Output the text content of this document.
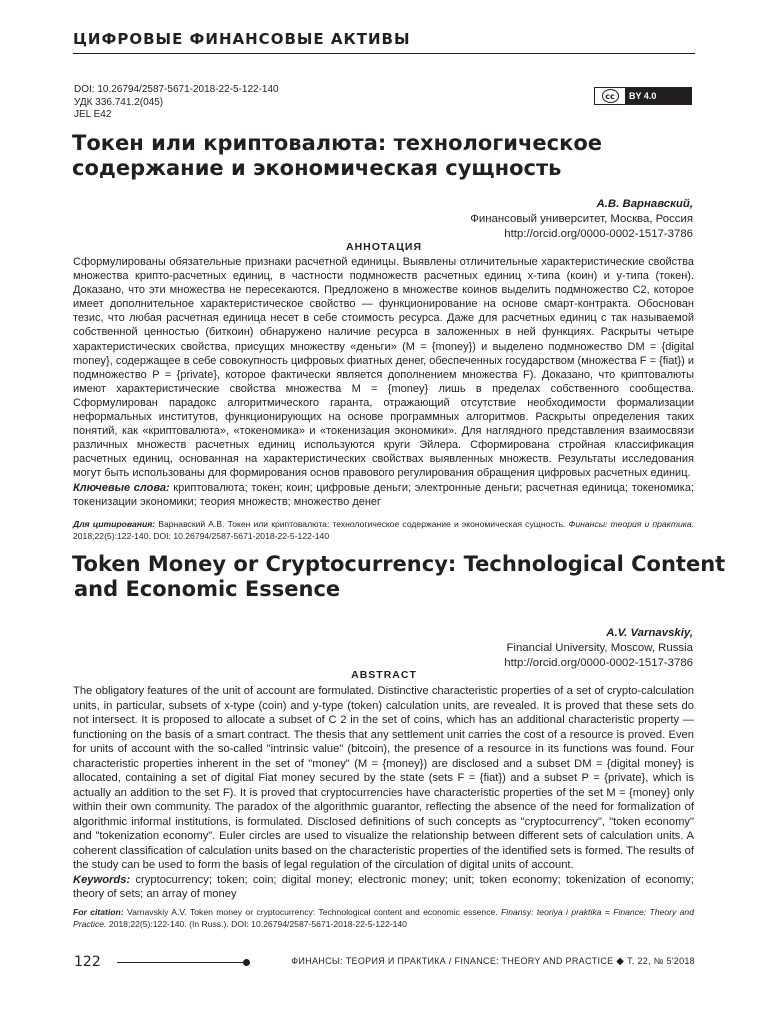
ЦИФРОВЫЕ ФИНАНСОВЫЕ АКТИВЫ
DOI: 10.26794/2587-5671-2018-22-5-122-140
УДК 336.741.2(045)
JEL E42
cc	BY 4.0
Токен или криптовалюта: технологическое
содержание и экономическая сущность
А.В. Варнавский,
Финансовый университет, Москва, Россия
http://orcid.org/0000-0002-1517-3786
АННОТАЦИЯ
Сформулированы обязательные признаки расчетной единицы. Выявлены отличительные характеристические свойства множества крипто-расчетных единиц, в частности подмножеств расчетных единиц x-типа (коин) и y-типа (токен). Доказано, что эти множества не пересекаются. Предложено в множестве коинов выделить подмножество C2, которое имеет дополнительное характеристическое свойство — функционирование на основе смарт-контракта. Обоснован тезис, что любая расчетная единица несет в себе стоимость ресурса. Даже для расчетных единиц с так называемой собственной ценностью (биткоин) обнаружено наличие ресурса в заложенных в ней функциях. Раскрыты четыре характеристических свойства, присущих множеству «деньги» (M = {money}) и выделено подмножество DM = {digital money}, содержащее в себе совокупность цифровых фиатных денег, обеспеченных государством (множества F = {fiat}) и подмножество P = {private}, которое фактически является дополнением множества F). Доказано, что криптовалюты имеют характеристические свойства множества M = {money} лишь в пределах собственного сообщества. Сформулирован парадокс алгоритмического гаранта, отражающий отсутствие необходимости формализации неформальных институтов, функционирующих на основе программных алгоритмов. Раскрыты определения таких понятий, как «криптовалюта», «токеномика» и «токенизация экономики». Для наглядного представления взаимосвязи различных множеств расчетных единиц используются круги Эйлера. Сформирована стройная классификация расчетных единиц, основанная на характеристических свойствах выявленных множеств. Результаты исследования могут быть использованы для формирования основ правового регулирования обращения цифровых расчетных единиц.
Ключевые слова: криптовалюта; токен; коин; цифровые деньги; электронные деньги; расчетная единица; токеномика; токенизации экономики; теория множеств; множество денег
Для цитирования: Варнавский А.В. Токен или криптовалюта: технологическое содержание и экономическая сущность. Финансы: теория и практика. 2018;22(5):122-140. DOI: 10.26794/2587-5671-2018-22-5-122-140
Token Money or Cryptocurrency: Technological Content
and Economic Essence
A.V. Varnavskiy,
Financial University, Moscow, Russia
http://orcid.org/0000-0002-1517-3786
ABSTRACT
The obligatory features of the unit of account are formulated. Distinctive characteristic properties of a set of crypto-calculation units, in particular, subsets of x-type (coin) and y-type (token) calculation units, are revealed. It is proved that these sets do not intersect. It is proposed to allocate a subset of C 2 in the set of coins, which has an additional characteristic property — functioning on the basis of a smart contract. The thesis that any settlement unit carries the cost of a resource is proved. Even for units of account with the so-called "intrinsic value" (bitcoin), the presence of a resource in its functions was found. Four characteristic properties inherent in the set of "money" (M = {money}) are disclosed and a subset DM = {digital money} is allocated, containing a set of digital Fiat money secured by the state (sets F = {fiat}) and a subset P = {private}, which is actually an addition to the set F). It is proved that cryptocurrencies have characteristic properties of the set M = {money} only within their own community. The paradox of the algorithmic guarantor, reflecting the absence of the need for formalization of algorithmic informal institutions, is formulated. Disclosed definitions of such concepts as "cryptocurrency", "token economy" and "tokenization economy". Euler circles are used to visualize the relationship between different sets of calculation units. A coherent classification of calculation units based on the characteristic properties of the identified sets is formed. The results of the study can be used to form the basis of legal regulation of the circulation of digital units of account.
Keywords: cryptocurrency; token; coin; digital money; electronic money; unit; token economy; tokenization of economy; theory of sets; an array of money
For citation: Varnavskiy A.V. Token money or cryptocurrency: Technological content and economic essence. Finansy: teoriya i praktika = Finance: Theory and Practice. 2018;22(5):122-140. (In Russ.). DOI: 10.26794/2587-5671-2018-22-5-122-140
122	ФИНАНСЫ: ТЕОРИЯ И ПРАКТИКА / FINANCE: THEORY AND PRACTICE ◆ Т. 22, № 5'2018
